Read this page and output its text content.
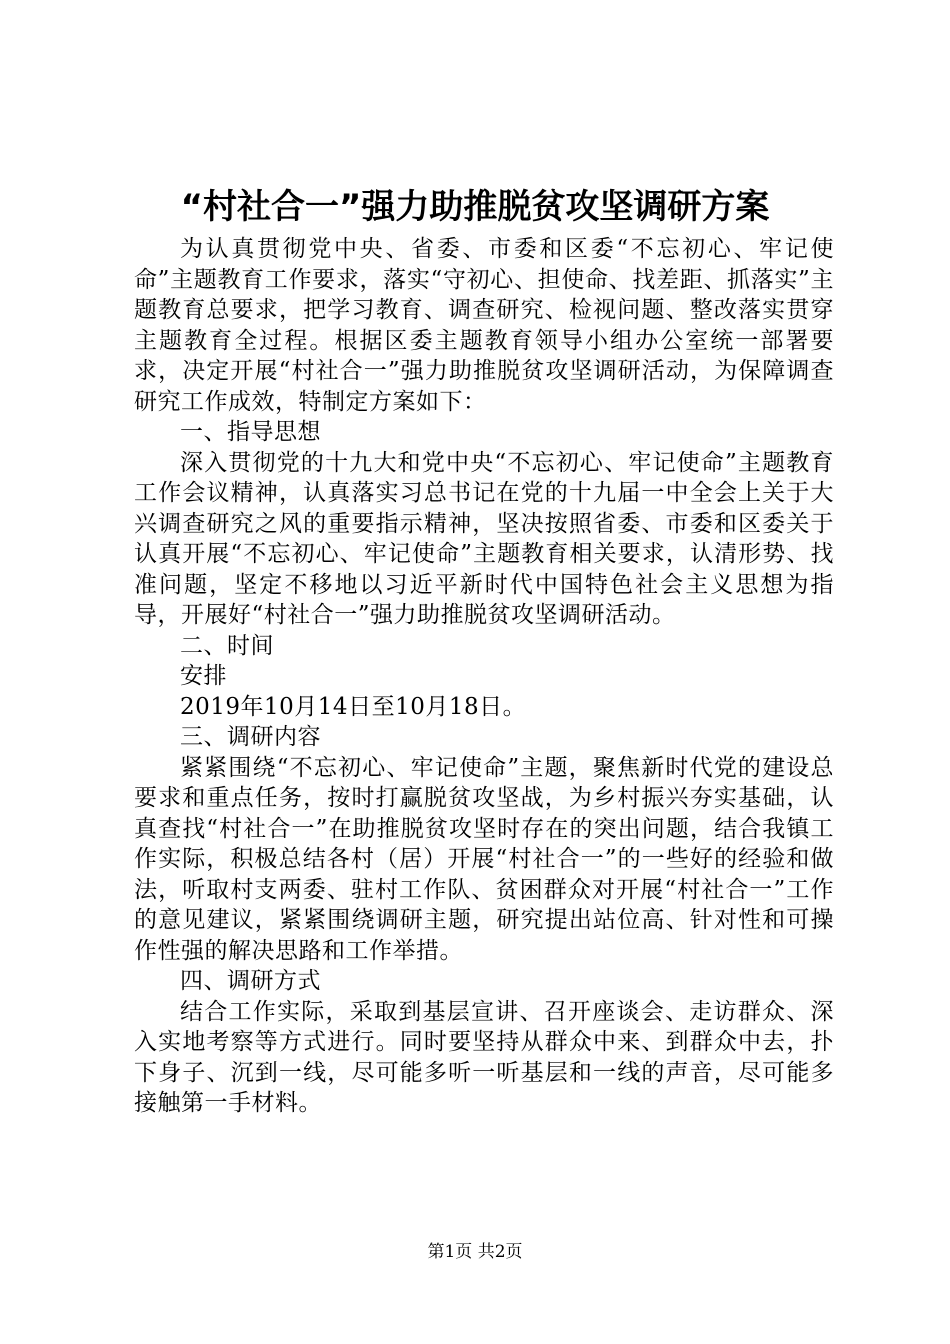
“村社合一”强力助推脱贫攻坚调研方案

为认真贯彻党中央、省委、市委和区委“不忘初心、牢记使命”主题教育工作要求，落实“守初心、担使命、找差距、抓落实”主题教育总要求，把学习教育、调查研究、检视问题、整改落实贯穿主题教育全过程。根据区委主题教育领导小组办公室统一部署要求，决定开展“村社合一”强力助推脱贫攻坚调研活动，为保障调查研究工作成效，特制定方案如下：

一、指导思想

深入贯彻党的十九大和党中央“不忘初心、牢记使命”主题教育工作会议精神，认真落实习总书记在党的十九届一中全会上关于大兴调查研究之风的重要指示精神，坚决按照省委、市委和区委关于认真开展“不忘初心、牢记使命”主题教育相关要求，认清形势、找准问题，坚定不移地以习近平新时代中国特色社会主义思想为指导，开展好“村社合一”强力助推脱贫攻坚调研活动。

二、时间

安排

2019年10月14日至10月18日。

三、调研内容

紧紧围绕“不忘初心、牢记使命”主题，聚焦新时代党的建设总要求和重点任务，按时打赢脱贫攻坚战，为乡村振兴夯实基础，认真查找“村社合一”在助推脱贫攻坚时存在的突出问题，结合我镇工作实际，积极总结各村（居）开展“村社合一”的一些好的经验和做法，听取村支两委、驻村工作队、贫困群众对开展“村社合一”工作的意见建议，紧紧围绕调研主题，研究提出站位高、针对性和可操作性强的解决思路和工作举措。

四、调研方式

结合工作实际，采取到基层宣讲、召开座谈会、走访群众、深入实地考察等方式进行。同时要坚持从群众中来、到群众中去，扑下身子、沉到一线，尽可能多听一听基层和一线的声音，尽可能多接触第一手材料。

第1页 共2页
